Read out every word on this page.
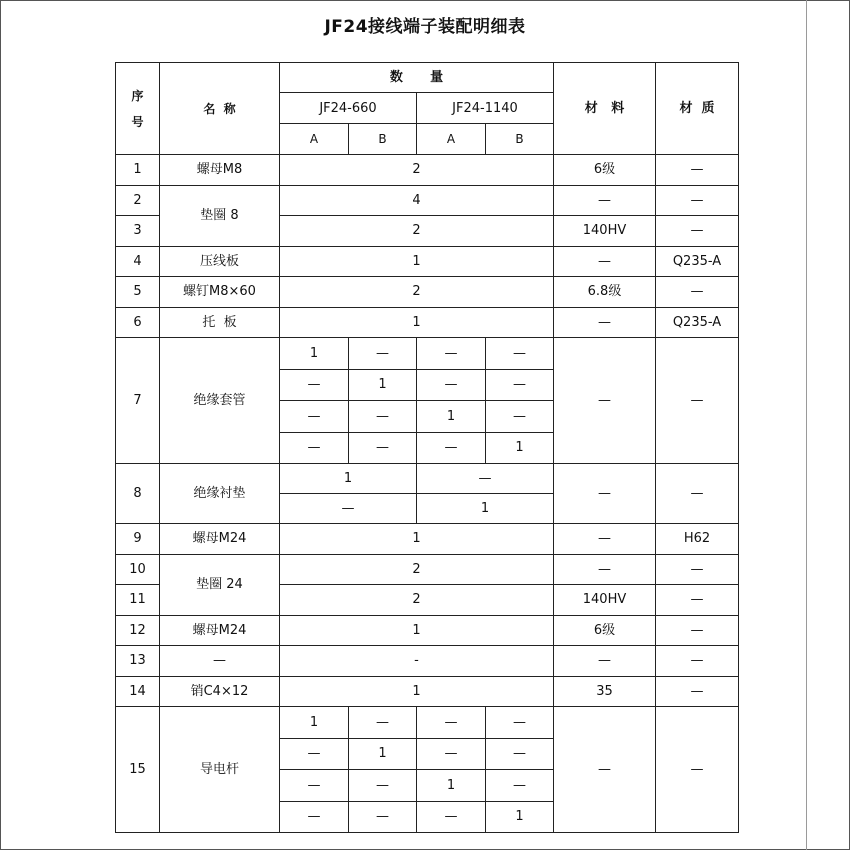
JF24接线端子装配明细表
序号	名  称	数      量				材   料	材  质
		JF24-660		JF24-1140			
		A	B	A	B		
1	螺母M8	2				6级	—
2	垫圈 8	4				—	—
3		2				140HV	—
4	压线板	1				—	Q235-A
5	螺钉M8×60	2				6.8级	—
6	托  板	1				—	Q235-A
7	绝缘套管	1	—	—	—	—	—
		—	1	—	—		
		—	—	1	—		
		—	—	—	1		
8	绝缘衬垫	1		—		—	—
		—		1			
9	螺母M24	1				—	H62
10	垫圈 24	2				—	—
11		2				140HV	—
12	螺母M24	1				6级	—
13	—	-				—	—
14	销C4×12	1				35	—
15	导电杆	1	—	—	—	—	—
		—	1	—	—		
		—	—	1	—		
		—	—	—	1		
